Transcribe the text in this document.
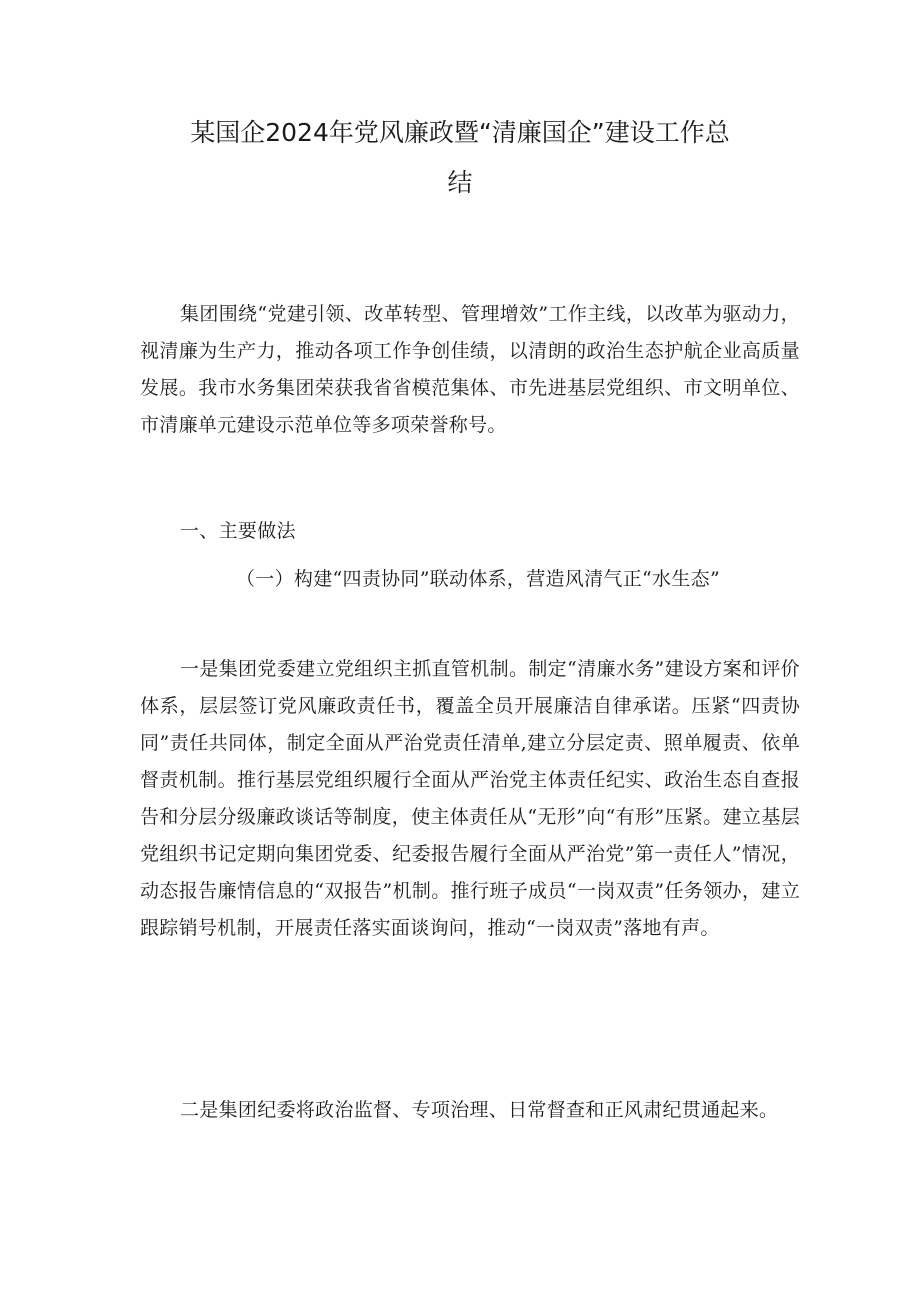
某国企2024年党风廉政暨“清廉国企”建设工作总
结

集团围绕“党建引领、改革转型、管理增效”工作主线，以改革为驱动力，视清廉为生产力，推动各项工作争创佳绩，以清朗的政治生态护航企业高质量发展。我市水务集团荣获我省省模范集体、市先进基层党组织、市文明单位、市清廉单元建设示范单位等多项荣誉称号。

一、主要做法

（一）构建“四责协同”联动体系，营造风清气正“水生态”

一是集团党委建立党组织主抓直管机制。制定“清廉水务”建设方案和评价体系，层层签订党风廉政责任书，覆盖全员开展廉洁自律承诺。压紧“四责协同”责任共同体，制定全面从严治党责任清单,建立分层定责、照单履责、依单督责机制。推行基层党组织履行全面从严治党主体责任纪实、政治生态自查报告和分层分级廉政谈话等制度，使主体责任从“无形”向“有形”压紧。建立基层党组织书记定期向集团党委、纪委报告履行全面从严治党”第一责任人”情况，动态报告廉情信息的“双报告”机制。推行班子成员“一岗双责”任务领办，建立跟踪销号机制，开展责任落实面谈询问，推动“一岗双责”落地有声。

二是集团纪委将政治监督、专项治理、日常督查和正风肃纪贯通起来。
